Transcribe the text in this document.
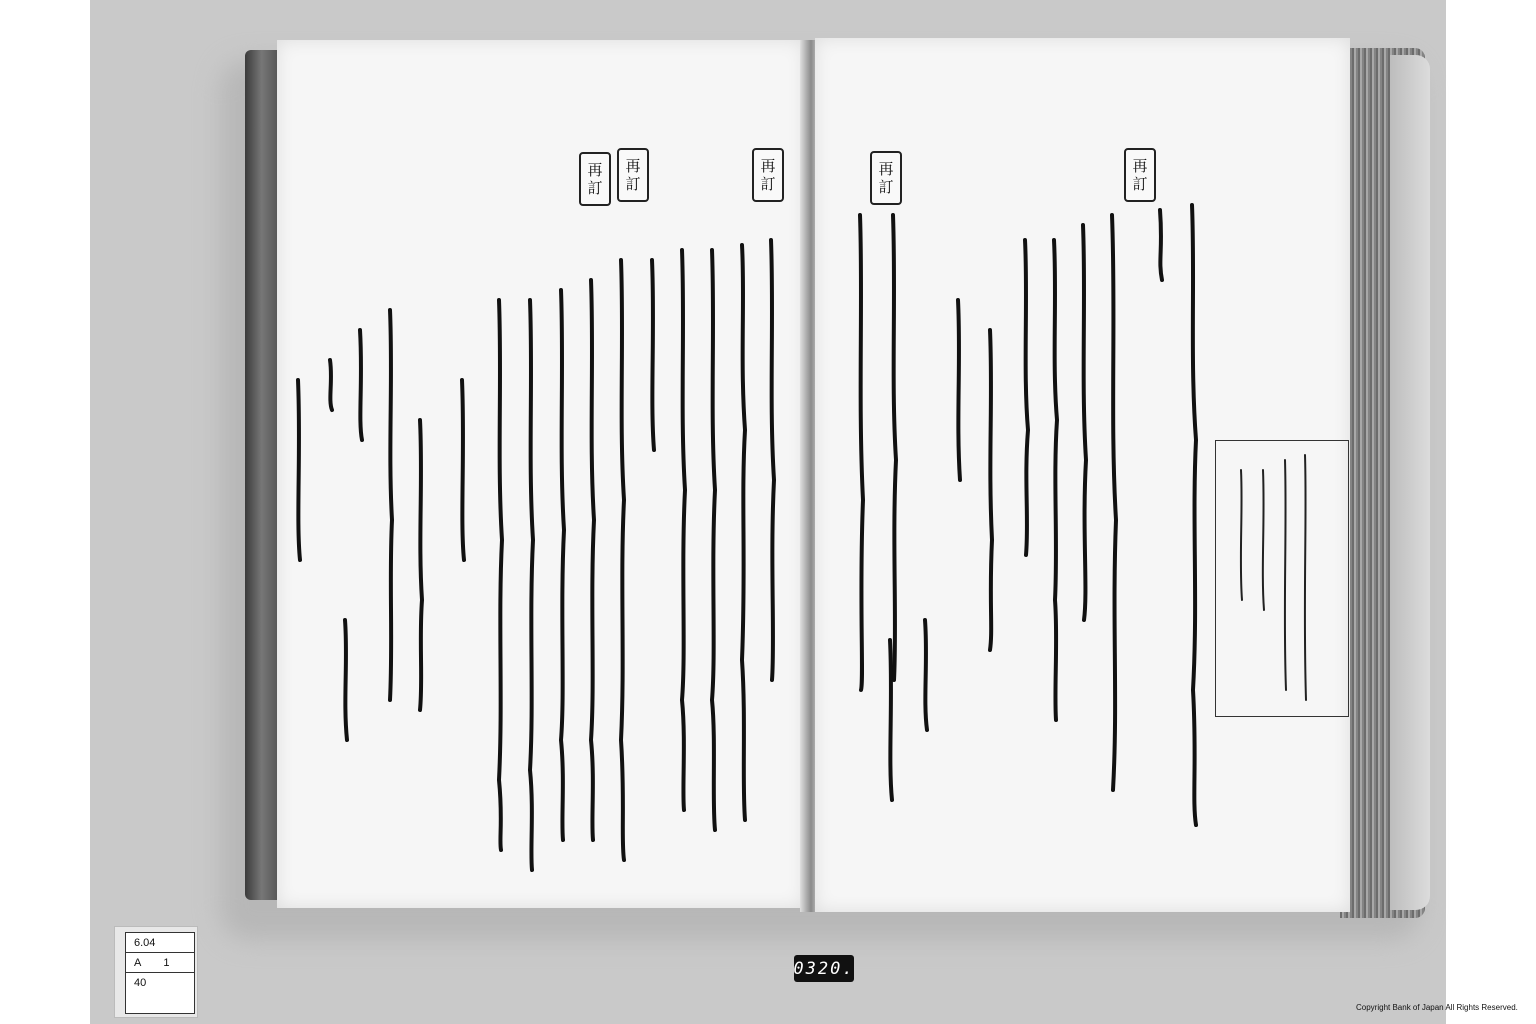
再
訂
再
訂
再
訂
再
訂
再
訂
6.04
A 1
40
0320.
Copyright Bank of Japan All Rights Reserved.
